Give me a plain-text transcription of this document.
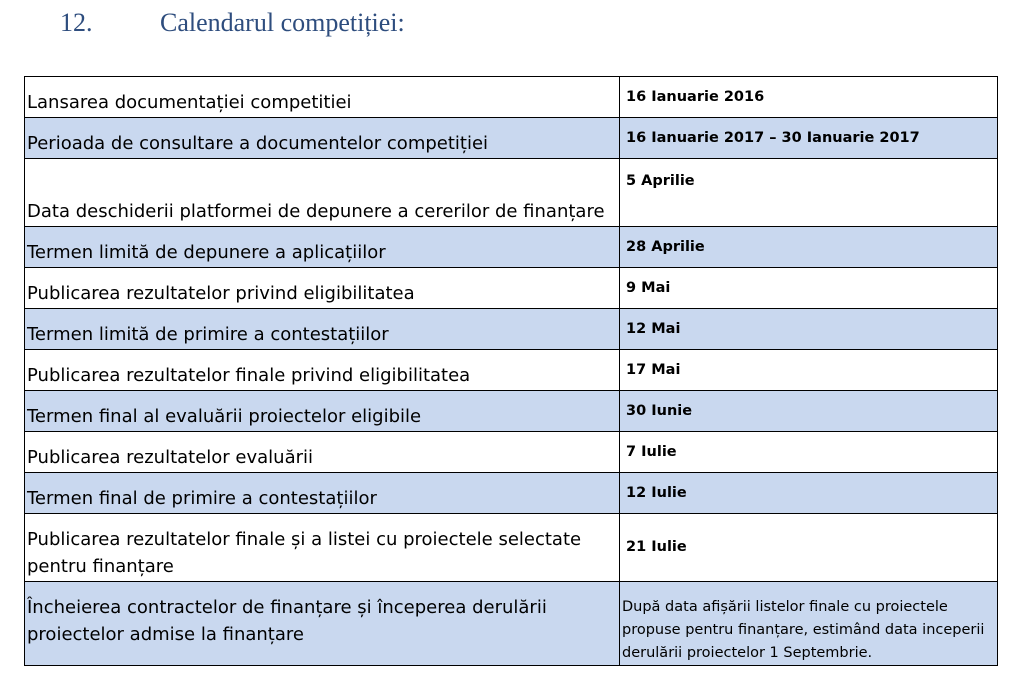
12.	Calendarul competiției:
Lansarea documentației competitiei	16 Ianuarie 2016
Perioada de consultare a documentelor competiției	16 Ianuarie 2017 – 30 Ianuarie 2017
Data deschiderii platformei de depunere a cererilor de finanțare	5 Aprilie

Termen limită de depunere a aplicațiilor	28 Aprilie
Publicarea rezultatelor privind eligibilitatea	9 Mai
Termen limită de primire a contestațiilor	12 Mai
Publicarea rezultatelor finale privind eligibilitatea	17 Mai
Termen final al evaluării proiectelor eligibile	30 Iunie
Publicarea rezultatelor evaluării	7 Iulie
Termen final de primire a contestațiilor	12 Iulie
Publicarea rezultatelor finale și a listei cu proiectele selectate pentru finanțare	21 Iulie
Încheierea contractelor de finanțare și începerea derulării proiectelor admise la finanțare	După data afișării listelor finale cu proiectele propuse pentru finanțare, estimând data inceperii derulării proiectelor 1 Septembrie.
